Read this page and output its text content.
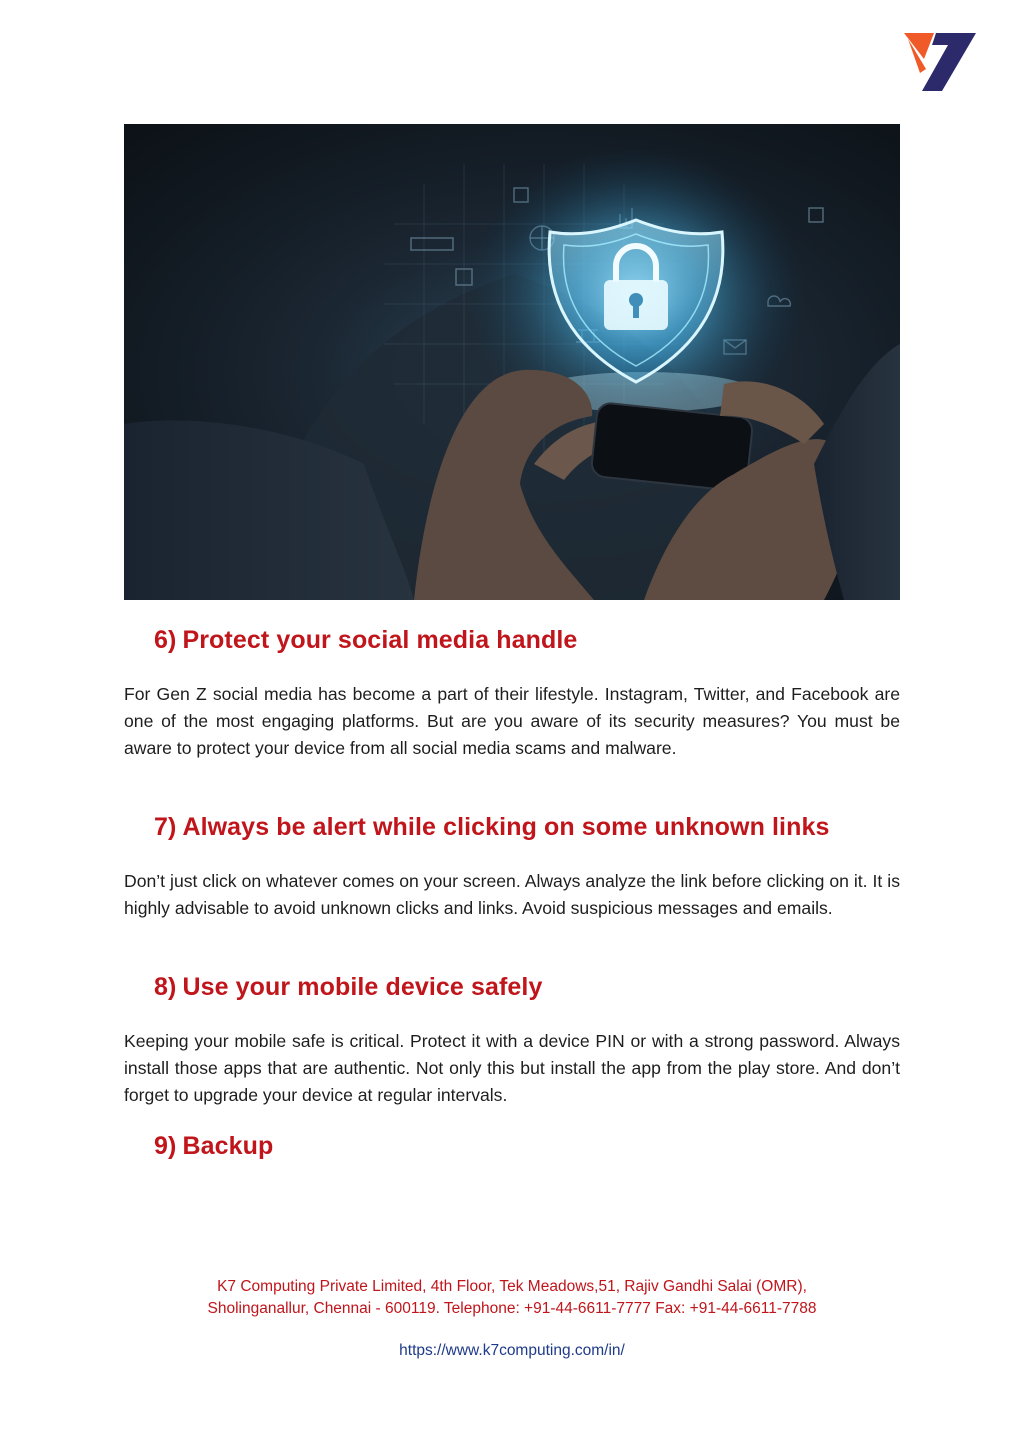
6) Protect your social media handle

For Gen Z social media has become a part of their lifestyle. Instagram, Twitter, and Facebook are one of the most engaging platforms. But are you aware of its security measures? You must be aware to protect your device from all social media scams and malware.

7) Always be alert while clicking on some unknown links

Don’t just click on whatever comes on your screen. Always analyze the link before clicking on it. It is highly advisable to avoid unknown clicks and links. Avoid suspicious messages and emails.

8) Use your mobile device safely

Keeping your mobile safe is critical. Protect it with a device PIN or with a strong password. Always install those apps that are authentic. Not only this but install the app from the play store. And don’t forget to upgrade your device at regular intervals.

9) Backup
K7 Computing Private Limited, 4th Floor, Tek Meadows,51, Rajiv Gandhi Salai (OMR),
Sholinganallur, Chennai - 600119. Telephone: +91-44-6611-7777 Fax: +91-44-6611-7788
https://www.k7computing.com/in/
